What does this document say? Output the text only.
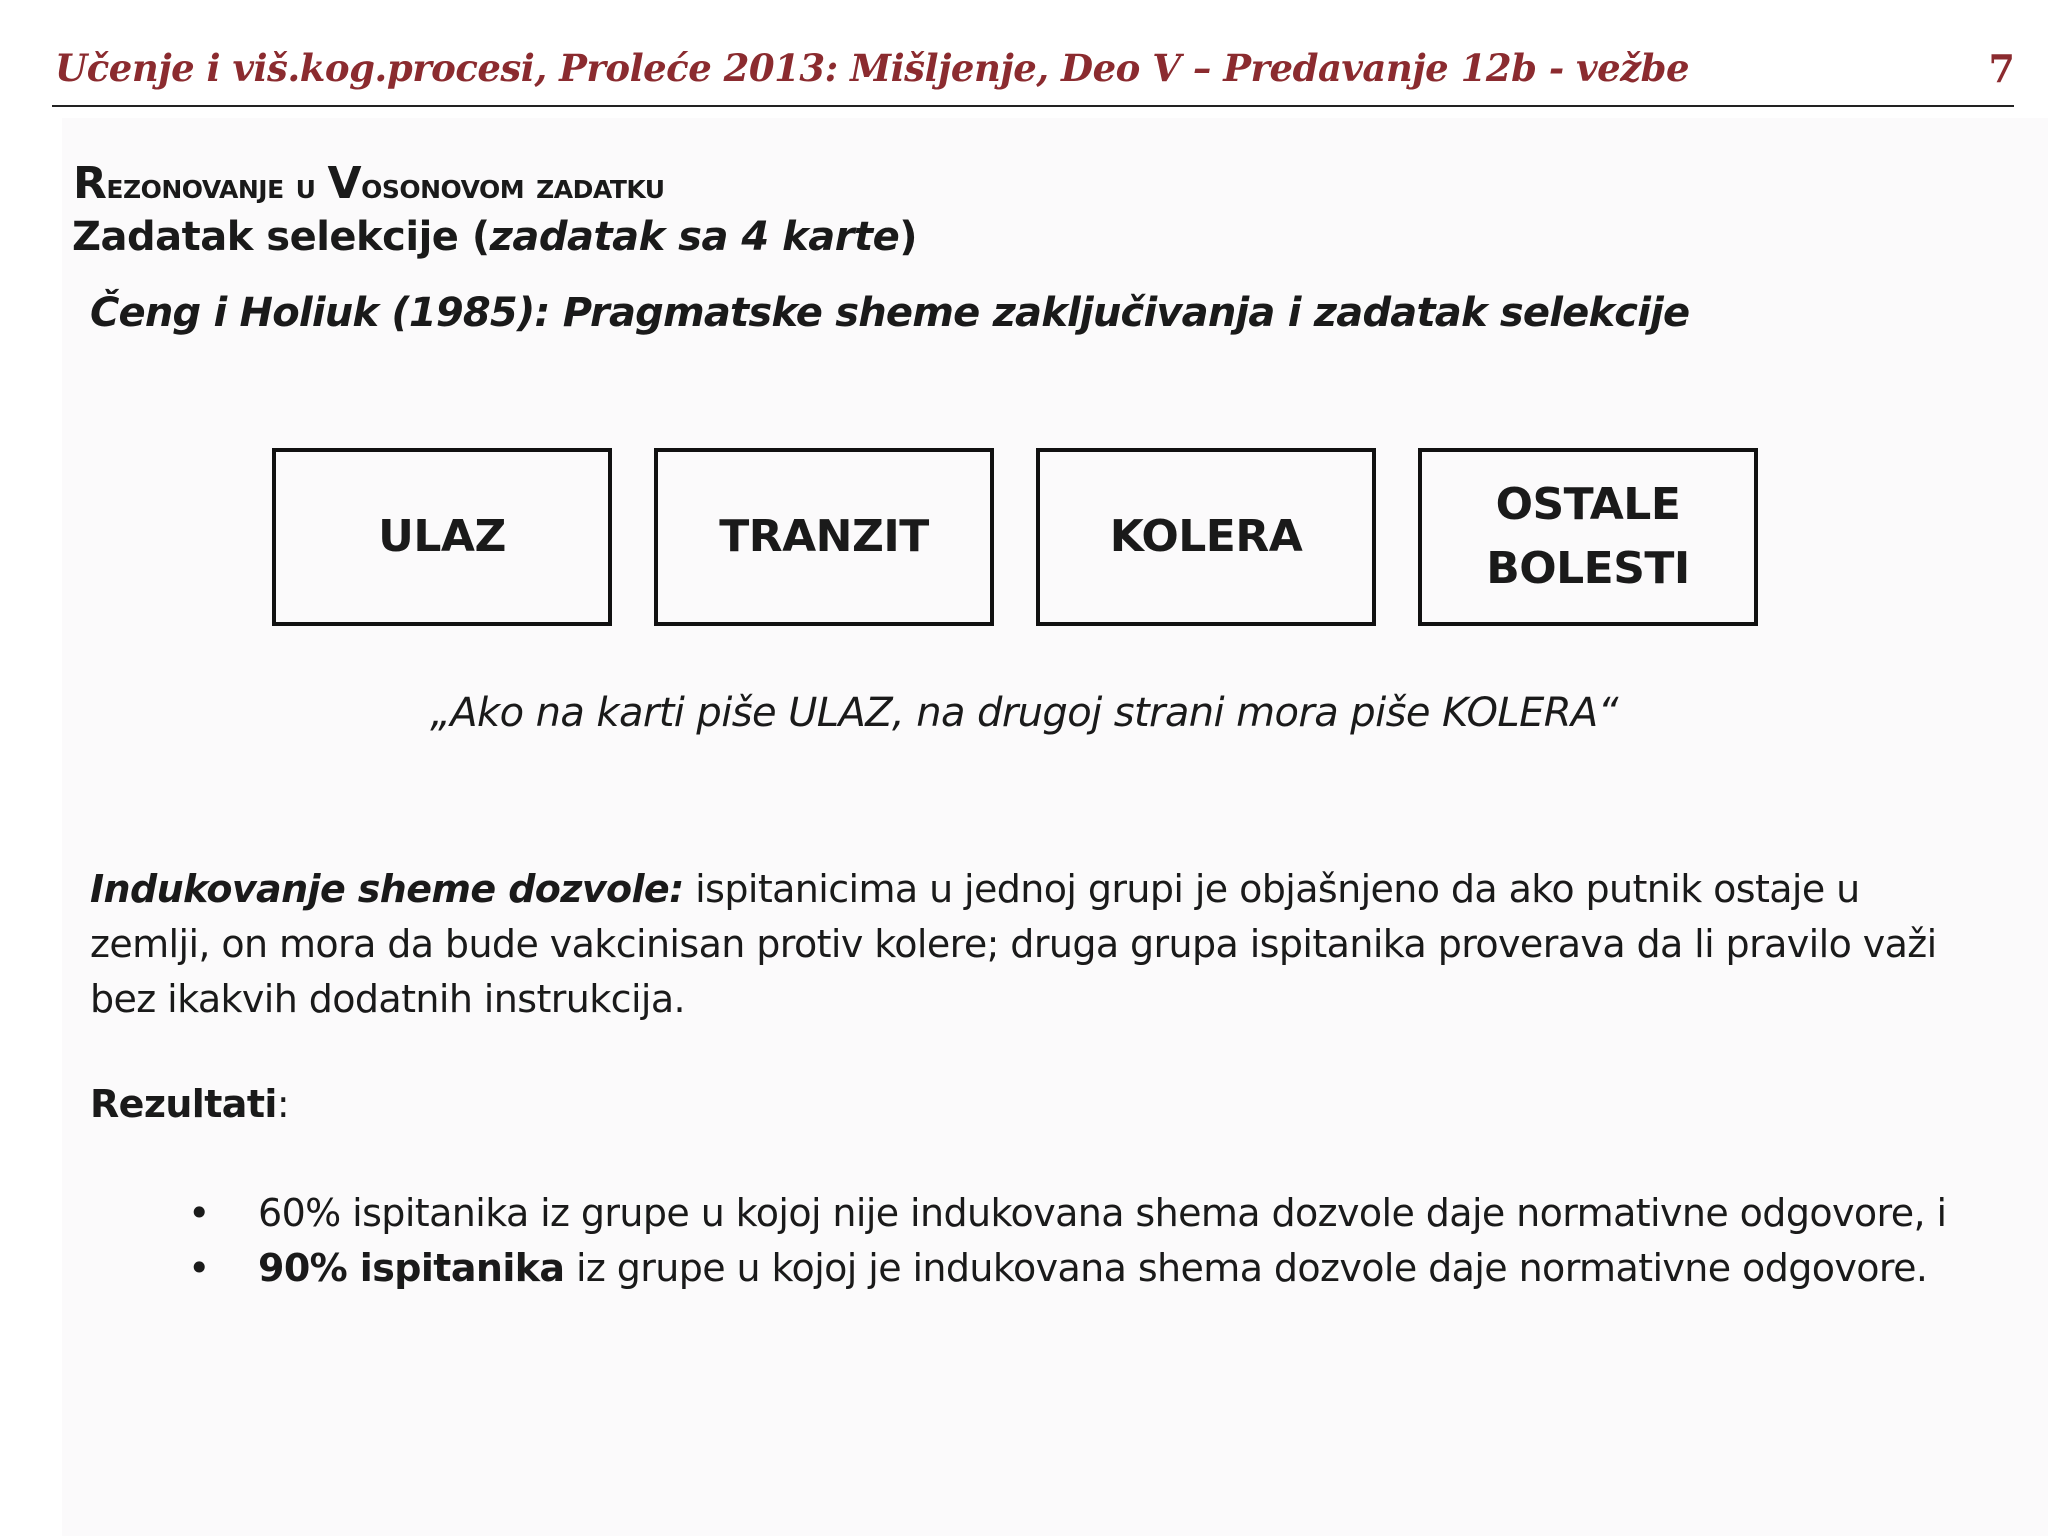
Učenje i viš.kog.procesi, Proleće 2013: Mišljenje, Deo V – Predavanje 12b - vežbe	7
Rezonovanje u Vosonovom zadatku
Zadatak selekcije (zadatak sa 4 karte)
Čeng i Holiuk (1985): Pragmatske sheme zaključivanja i zadatak selekcije
ULAZ	TRANZIT	KOLERA
OSTALE
BOLESTI
„Ako na karti piše ULAZ, na drugoj strani mora piše KOLERA“
Indukovanje sheme dozvole: ispitanicima u jednoj grupi je objašnjeno da ako putnik ostaje u zemlji, on mora da bude vakcinisan protiv kolere; druga grupa ispitanika proverava da li pravilo važi bez ikakvih dodatnih instrukcija.
Rezultati:
• 60% ispitanika iz grupe u kojoj nije indukovana shema dozvole daje normativne odgovore, i
• 90% ispitanika iz grupe u kojoj je indukovana shema dozvole daje normativne odgovore.
